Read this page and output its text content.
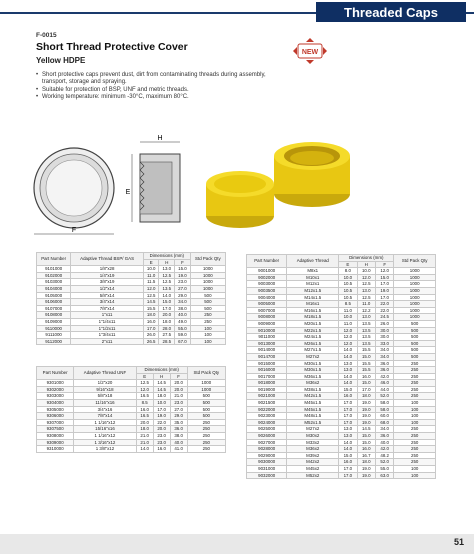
Threaded Caps
F-0015
Short Thread Protective Cover
Yellow HDPE
NEW
• Short protective caps prevent dust, dirt from contaminating threads during assembly, transport, storage and spraying.
• Suitable for protection of BSP, UNF and metric threads.
• Working temperature: minimum -30°C, maximum 80°C.
F
H
E
Part Number	Adaptive Thread BSP/ GAS	Dimensions (mm)			Std Pack Qty
		E	H	F	
9101000	1/8"x28	10.0	13.0	15.0	1000
9102000	1/4"x19	11.0	12.5	19.0	1000
9103000	3/8"x19	11.5	12.5	23.0	1000
9104000	1/2"x14	12.0	13.5	27.0	1000
9105000	5/8"x14	12.5	14.0	29.0	500
9106000	3/4"x14	14.5	15.0	34.0	500
9107000	7/8"x14	15.5	17.0	38.0	500
9108000	1"x11	18.0	20.0	40.0	250
9109000	1"1/4x11	16.0	18.0	49.0	250
9110000	1"1/2x11	17.0	28.0	55.0	100
9111000	1"3/4x11	26.0	27.5	59.0	100
9112000	2"x11	26.5	28.5	67.0	100
Part Number	Adaptive Thread UNF	Dimensions (mm)			Std Pack Qty
		E	H	F	
9301000	1/2"x20	12.5	14.5	20.0	1000
9302000	9/16"x18	12.0	14.5	20.0	1000
9303000	5/8"x18	16.5	18.0	21.0	500
9304000	11/16"x16	8.5	10.0	23.0	500
9305000	3/4"x16	16.0	17.0	27.0	500
9306000	7/8"x14	16.5	19.0	29.0	500
9307000	1 1/16"x12	20.0	22.0	35.0	250
9307500	15/16"x16	18.0	20.0	36.0	250
9308000	1 1/16"x12	21.0	23.0	38.0	250
9309000	1 3/16"x12	21.0	23.0	40.0	250
9310000	1 3/8"x12	14.0	16.0	41.0	250
Part Number	Adaptive Thread	Dimensions (mm)			Std Pack Qty
		E	H	F	
9001000	M8x1	8.0	10.0	12.0	1000
9002000	M10x1	10.0	12.0	15.0	1000
9003000	M12x1	10.5	12.5	17.0	1000
9003500	M12x1.5	10.5	13.0	19.0	1000
9004000	M14x1.5	10.5	12.5	17.0	1000
9005000	M16x1	8.5	11.0	22.0	1000
9007000	M16x1.5	11.0	12.2	22.0	1000
9008000	M18x1.5	10.0	13.0	24.5	1000
9009000	M20x1.5	11.0	13.5	26.0	500
9010000	M22x1.5	12.0	13.5	30.0	500
9011000	M24x1.5	12.0	13.5	30.0	500
9013000	M26x1.5	12.0	13.5	33.0	500
9014000	M27x1.5	14.0	15.5	34.0	500
9014700	M27x2	14.0	15.0	34.0	500
9015000	M30x1.5	13.0	15.5	36.0	250
9016000	M30x1.5	13.0	15.5	36.0	250
9017000	M36x1.5	14.0	16.0	42.0	250
9018000	M36x2	14.0	15.0	46.0	250
9019000	M38x1.5	15.0	17.0	44.0	250
9021000	M42x1.5	16.0	18.0	52.0	250
9021500	M45x1.5	17.0	19.0	58.0	100
9022000	M45x1.5	17.0	19.0	58.0	100
9023000	M48x1.5	17.0	19.0	60.0	100
9024000	M52x1.5	17.0	19.0	68.0	100
9025000	M27x2	13.0	14.5	34.0	250
9026000	M30x2	13.0	15.0	36.0	250
9027000	M33x2	14.0	15.0	40.0	250
9028000	M36x2	14.0	16.0	42.0	250
9029000	M39x2	15.0	16.7	48.2	250
9030000	M42x2	16.0	18.0	52.0	250
9031000	M45x2	17.0	19.0	55.0	100
9032000	M52x2	17.0	19.0	63.0	100
51
